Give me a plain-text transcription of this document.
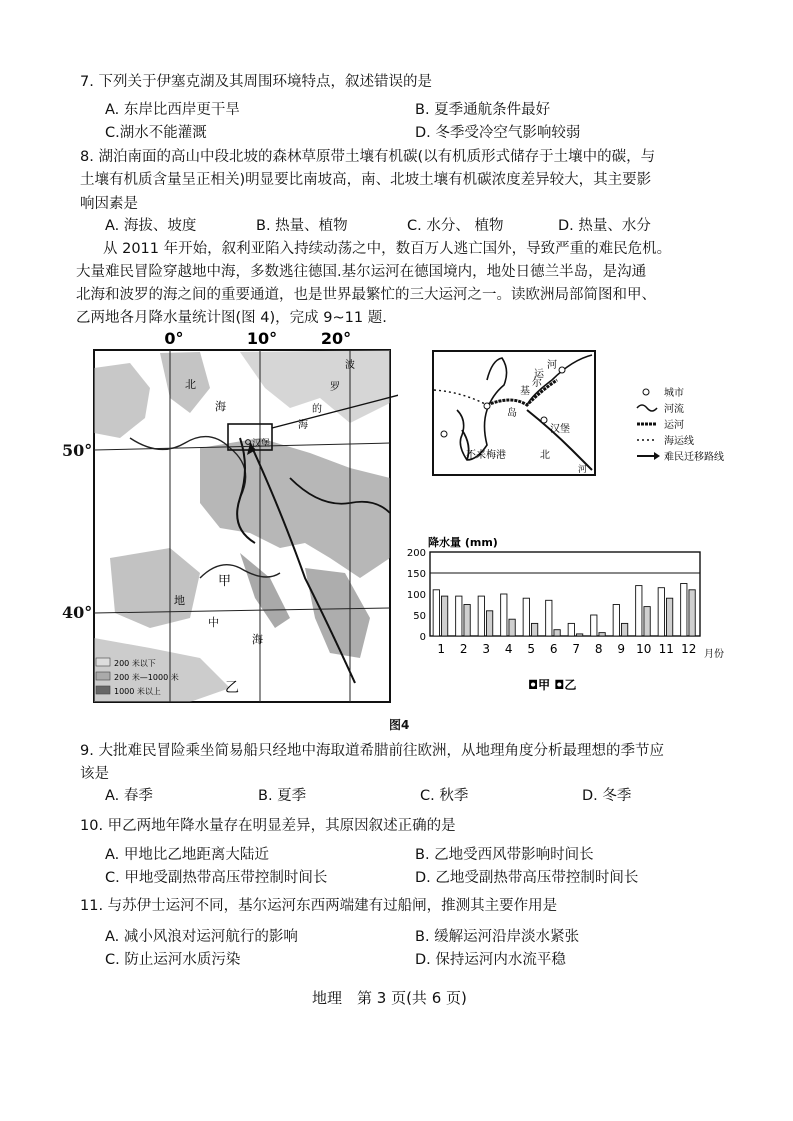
7. 下列关于伊塞克湖及其周围环境特点，叙述错误的是
A. 东岸比西岸更干旱	B. 夏季通航条件最好
C.湖水不能灌溉	D. 冬季受冷空气影响较弱
8. 湖泊南面的高山中段北坡的森林草原带土壤有机碳(以有机质形式储存于土壤中的碳，与
土壤有机质含量呈正相关)明显要比南坡高，南、北坡土壤有机碳浓度差异较大，其主要影
响因素是
A. 海拔、坡度	B. 热量、植物	C. 水分、 植物	D. 热量、水分
从 2011 年开始，叙利亚陷入持续动荡之中，数百万人逃亡国外，导致严重的难民危机。
大量难民冒险穿越地中海，多数逃往德国.基尔运河在德国境内，地处日德兰半岛，是沟通
北海和波罗的海之间的重要通道，也是世界最繁忙的三大运河之一。读欧洲局部简图和甲、
乙两地各月降水量统计图(图 4)，完成 9~11 题.
0°	10°	20°
北
海
波
罗
的
海
汉堡
甲
地
中
海
乙
200 米以下
200 米—1000 米
1000 米以上
50°
40°
运
河
基
尔
岛
汉堡
不来梅港	北
河
城市
河流
运河
海运线
难民迁移路线
降水量 (mm)
200
150
100
50
0
1 2 3 4 5 6 7 8 9 10 11 12 月份
◘甲 ◘乙
图4
9. 大批难民冒险乘坐简易船只经地中海取道希腊前往欧洲，从地理角度分析最理想的季节应
该是
A. 春季	B. 夏季	C. 秋季	D. 冬季
10. 甲乙两地年降水量存在明显差异，其原因叙述正确的是
A. 甲地比乙地距离大陆近	B. 乙地受西风带影响时间长
C. 甲地受副热带高压带控制时间长	D. 乙地受副热带高压带控制时间长
11. 与苏伊士运河不同，基尔运河东西两端建有过船闸，推测其主要作用是
A. 减小风浪对运河航行的影响	B. 缓解运河沿岸淡水紧张
C. 防止运河水质污染	D. 保持运河内水流平稳
地理　第 3 页(共 6 页)
